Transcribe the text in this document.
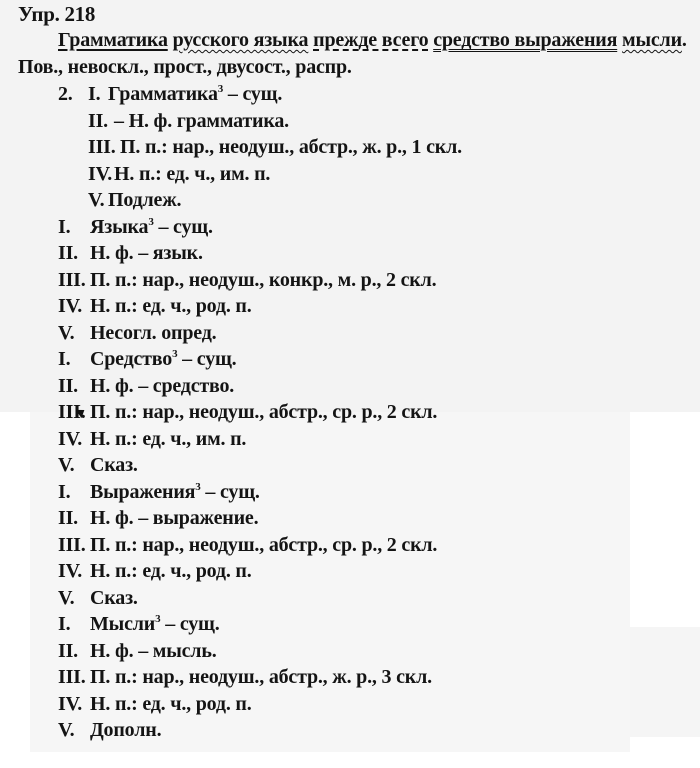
Упр. 218
Грамматика русского языка прежде всего средство выражения мысли. Пов., невоскл., прост., двусост., распр.
2. I. Грамматика$^3$ – сущ.
II. – Н. ф. грамматика.
III. П. п.: нар., неодуш., абстр., ж. р., 1 скл.
IV. Н. п.: ед. ч., им. п.
V. Подлеж.
I. Языка$^3$ – сущ.
II. Н. ф. – язык.
III. П. п.: нар., неодуш., конкр., м. р., 2 скл.
IV. Н. п.: ед. ч., род. п.
V. Несогл. опред.
I. Средство$^3$ – сущ.
II. Н. ф. – средство.
III. П. п.: нар., неодуш., абстр., ср. р., 2 скл.
IV. Н. п.: ед. ч., им. п.
V. Сказ.
I. Выражения$^3$ – сущ.
II. Н. ф. – выражение.
III. П. п.: нар., неодуш., абстр., ср. р., 2 скл.
IV. Н. п.: ед. ч., род. п.
V. Сказ.
I. Мысли$^3$ – сущ.
II. Н. ф. – мысль.
III. П. п.: нар., неодуш., абстр., ж. р., 3 скл.
IV. Н. п.: ед. ч., род. п.
V. Дополн.
